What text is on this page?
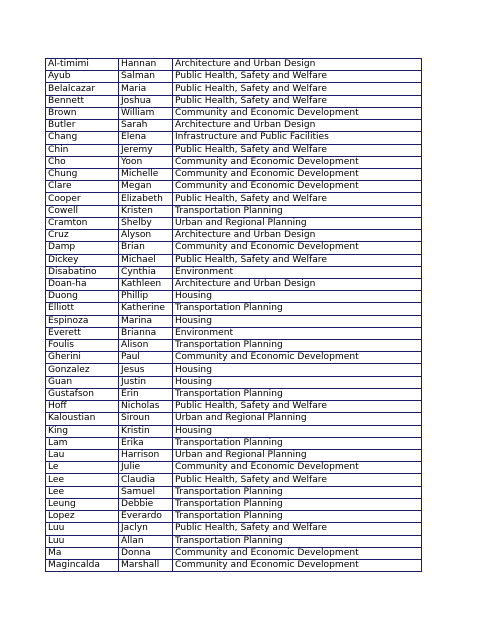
Al-timimi	Hannan	Architecture and Urban Design
Ayub	Salman	Public Health, Safety and Welfare
Belalcazar	Maria	Public Health, Safety and Welfare
Bennett	Joshua	Public Health, Safety and Welfare
Brown	William	Community and Economic Development
Butler	Sarah	Architecture and Urban Design
Chang	Elena	Infrastructure and Public Facilities
Chin	Jeremy	Public Health, Safety and Welfare
Cho	Yoon	Community and Economic Development
Chung	Michelle	Community and Economic Development
Clare	Megan	Community and Economic Development
Cooper	Elizabeth	Public Health, Safety and Welfare
Cowell	Kristen	Transportation Planning
Cramton	Shelby	Urban and Regional Planning
Cruz	Alyson	Architecture and Urban Design
Damp	Brian	Community and Economic Development
Dickey	Michael	Public Health, Safety and Welfare
Disabatino	Cynthia	Environment
Doan-ha	Kathleen	Architecture and Urban Design
Duong	Phillip	Housing
Elliott	Katherine	Transportation Planning
Espinoza	Marina	Housing
Everett	Brianna	Environment
Foulis	Alison	Transportation Planning
Gherini	Paul	Community and Economic Development
Gonzalez	Jesus	Housing
Guan	Justin	Housing
Gustafson	Erin	Transportation Planning
Hoff	Nicholas	Public Health, Safety and Welfare
Kaloustian	Siroun	Urban and Regional Planning
King	Kristin	Housing
Lam	Erika	Transportation Planning
Lau	Harrison	Urban and Regional Planning
Le	Julie	Community and Economic Development
Lee	Claudia	Public Health, Safety and Welfare
Lee	Samuel	Transportation Planning
Leung	Debbie	Transportation Planning
Lopez	Everardo	Transportation Planning
Luu	Jaclyn	Public Health, Safety and Welfare
Luu	Allan	Transportation Planning
Ma	Donna	Community and Economic Development
Magincalda	Marshall	Community and Economic Development
